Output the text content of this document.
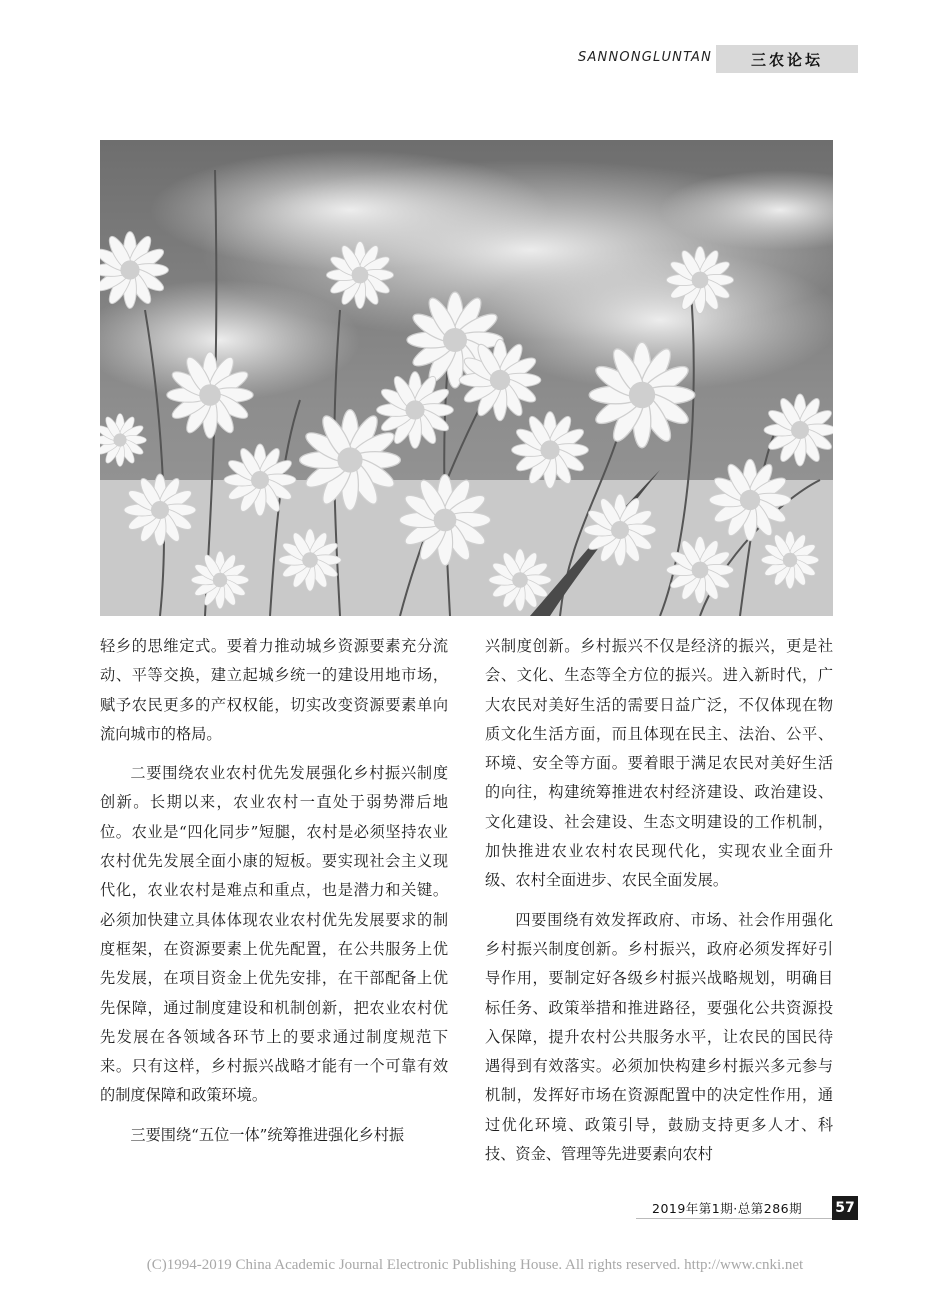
SANNONGLUNTAN	三农论坛

轻乡的思维定式。要着力推动城乡资源要素充分流动、平等交换，建立起城乡统一的建设用地市场，赋予农民更多的产权权能，切实改变资源要素单向流向城市的格局。

二要围绕农业农村优先发展强化乡村振兴制度创新。长期以来，农业农村一直处于弱势滞后地位。农业是“四化同步”短腿，农村是必须坚持农业农村优先发展全面小康的短板。要实现社会主义现代化，农业农村是难点和重点，也是潜力和关键。必须加快建立具体体现农业农村优先发展要求的制度框架，在资源要素上优先配置，在公共服务上优先发展，在项目资金上优先安排，在干部配备上优先保障，通过制度建设和机制创新，把农业农村优先发展在各领域各环节上的要求通过制度规范下来。只有这样，乡村振兴战略才能有一个可靠有效的制度保障和政策环境。

三要围绕“五位一体”统筹推进强化乡村振

兴制度创新。乡村振兴不仅是经济的振兴，更是社会、文化、生态等全方位的振兴。进入新时代，广大农民对美好生活的需要日益广泛，不仅体现在物质文化生活方面，而且体现在民主、法治、公平、环境、安全等方面。要着眼于满足农民对美好生活的向往，构建统筹推进农村经济建设、政治建设、文化建设、社会建设、生态文明建设的工作机制，加快推进农业农村农民现代化，实现农业全面升级、农村全面进步、农民全面发展。

四要围绕有效发挥政府、市场、社会作用强化乡村振兴制度创新。乡村振兴，政府必须发挥好引导作用，要制定好各级乡村振兴战略规划，明确目标任务、政策举措和推进路径，要强化公共资源投入保障，提升农村公共服务水平，让农民的国民待遇得到有效落实。必须加快构建乡村振兴多元参与机制，发挥好市场在资源配置中的决定性作用，通过优化环境、政策引导，鼓励支持更多人才、科技、资金、管理等先进要素向农村

2019年第1期·总第286期 57
(C)1994-2019 China Academic Journal Electronic Publishing House. All rights reserved. http://www.cnki.net
